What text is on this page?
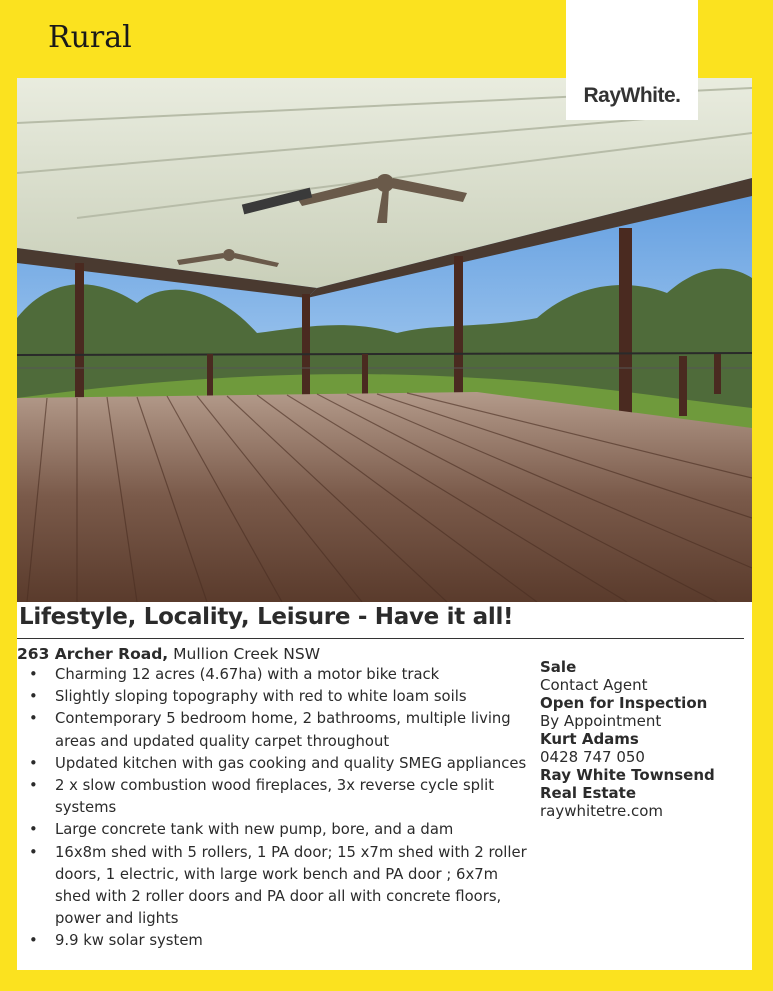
Rural
RayWhite.
Lifestyle, Locality, Leisure - Have it all!
263 Archer Road, Mullion Creek NSW
• Charming 12 acres (4.67ha) with a motor bike track
• Slightly sloping topography with red to white loam soils
• Contemporary 5 bedroom home, 2 bathrooms, multiple living areas and updated quality carpet throughout
• Updated kitchen with gas cooking and quality SMEG appliances
• 2 x slow combustion wood fireplaces, 3x reverse cycle split systems
• Large concrete tank with new pump, bore, and a dam
• 16x8m shed with 5 rollers, 1 PA door; 15 x7m shed with 2 roller doors, 1 electric, with large work bench and PA door ; 6x7m shed with 2 roller doors and PA door all with concrete floors, power and lights
• 9.9 kw solar system
Sale
Contact Agent
Open for Inspection
By Appointment
Kurt Adams
0428 747 050
Ray White Townsend
Real Estate
raywhitetre.com
